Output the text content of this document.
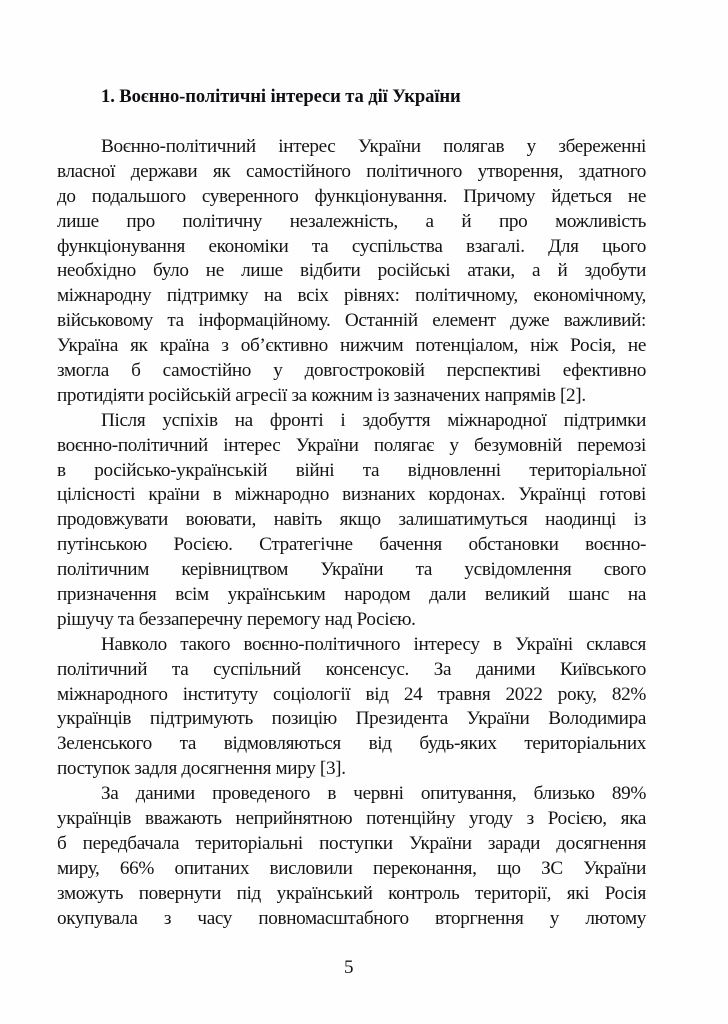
1. Воєнно-політичні інтереси та дії України
Воєнно-політичний інтерес України полягав у збереженні
власної держави як самостійного політичного утворення, здатного
до подальшого суверенного функціонування. Причому йдеться не
лише про політичну незалежність, а й про можливість
функціонування економіки та суспільства взагалі. Для цього
необхідно було не лише відбити російські атаки, а й здобути
міжнародну підтримку на всіх рівнях: політичному, економічному,
військовому та інформаційному. Останній елемент дуже важливий:
Україна як країна з об’єктивно нижчим потенціалом, ніж Росія, не
змогла б самостійно у довгостроковій перспективі ефективно
протидіяти російській агресії за кожним із зазначених напрямів [2].
Після успіхів на фронті і здобуття міжнародної підтримки
воєнно-політичний інтерес України полягає у безумовній перемозі
в російсько-українській війні та відновленні територіальної
цілісності країни в міжнародно визнаних кордонах. Українці готові
продовжувати воювати, навіть якщо залишатимуться наодинці із
путінською Росією. Стратегічне бачення обстановки воєнно-
політичним керівництвом України та усвідомлення свого
призначення всім українським народом дали великий шанс на
рішучу та беззаперечну перемогу над Росією.
Навколо такого воєнно-політичного інтересу в Україні склався
політичний та суспільний консенсус. За даними Київського
міжнародного інституту соціології від 24 травня 2022 року, 82%
українців підтримують позицію Президента України Володимира
Зеленського та відмовляються від будь-яких територіальних
поступок задля досягнення миру [3].
За даними проведеного в червні опитування, близько 89%
українців вважають неприйнятною потенційну угоду з Росією, яка
б передбачала територіальні поступки України заради досягнення
миру, 66% опитаних висловили переконання, що ЗС України
зможуть повернути під український контроль території, які Росія
окупувала з часу повномасштабного вторгнення у лютому

5
